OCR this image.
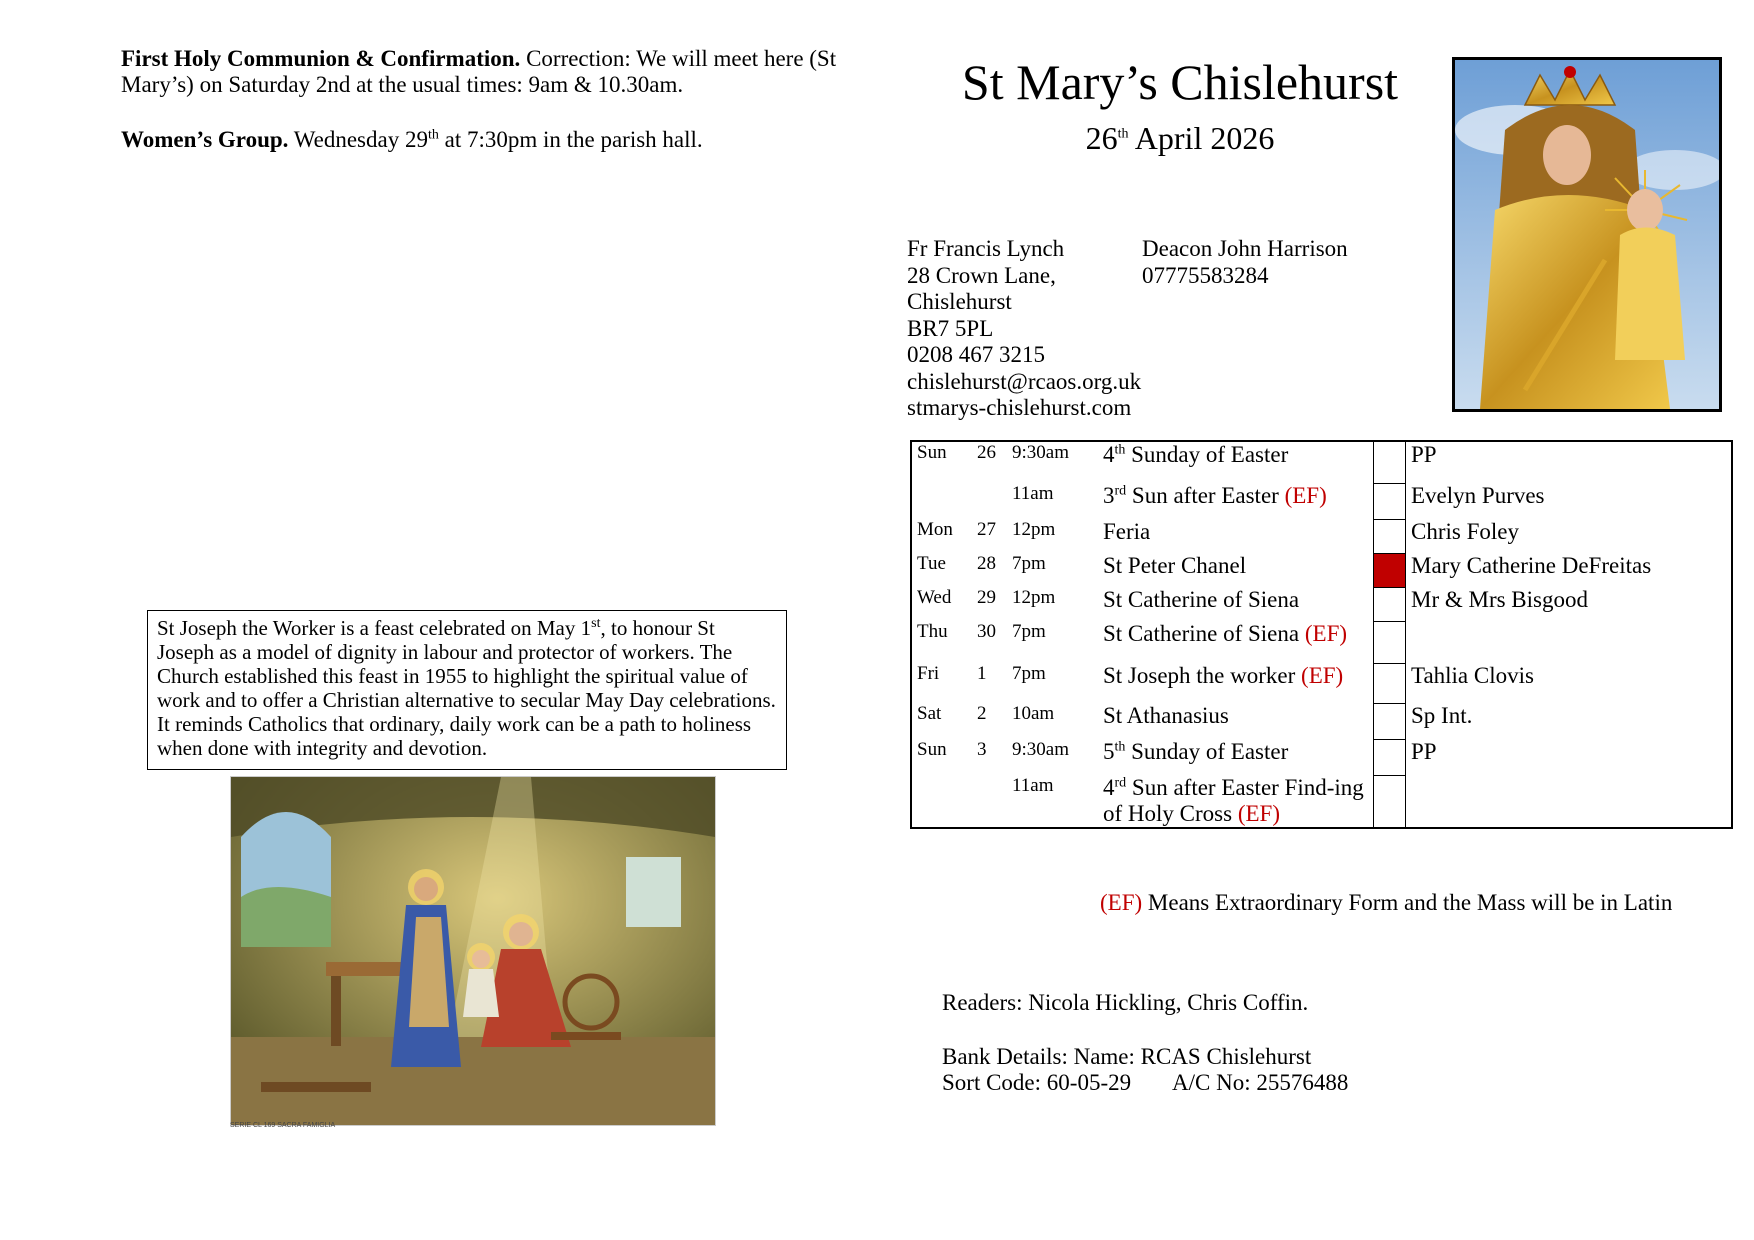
First Holy Communion & Confirmation. Correction: We will meet here (St Mary’s) on Saturday 2nd at the usual times: 9am & 10.30am.
Women’s Group. Wednesday 29th at 7:30pm in the parish hall.
St Joseph the Worker is a feast celebrated on May 1st, to honour St Joseph as a model of dignity in labour and protector of workers. The Church established this feast in 1955 to highlight the spiritual value of work and to offer a Christian alternative to secular May Day celebrations. It reminds Catholics that ordinary, daily work can be a path to holiness when done with integrity and devotion.
SERIE CL 169 SACRA FAMIGLIA
St Mary’s Chislehurst
26th April 2026
Fr Francis Lynch
28 Crown Lane,
Chislehurst
BR7 5PL
0208 467 3215
chislehurst@rcaos.org.uk
stmarys-chislehurst.com
Deacon John Harrison
07775583284
Sun	26	9:30am	4th Sunday of Easter		PP
		11am	3rd Sun after Easter (EF)		Evelyn Purves
Mon	27	12pm	Feria		Chris Foley
Tue	28	7pm	St Peter Chanel		Mary Catherine DeFreitas
Wed	29	12pm	St Catherine of Siena		Mr & Mrs Bisgood
Thu	30	7pm	St Catherine of Siena (EF)		
Fri	1	7pm	St Joseph the worker (EF)		Tahlia Clovis
Sat	2	10am	St Athanasius		Sp Int.
Sun	3	9:30am	5th Sunday of Easter		PP
		11am	4rd Sun after Easter Find-ing of Holy Cross (EF)		
(EF) Means Extraordinary Form and the Mass will be in Latin
Readers: Nicola Hickling, Chris Coffin.
Bank Details: Name: RCAS Chislehurst
Sort Code: 60-05-29 A/C No: 25576488
